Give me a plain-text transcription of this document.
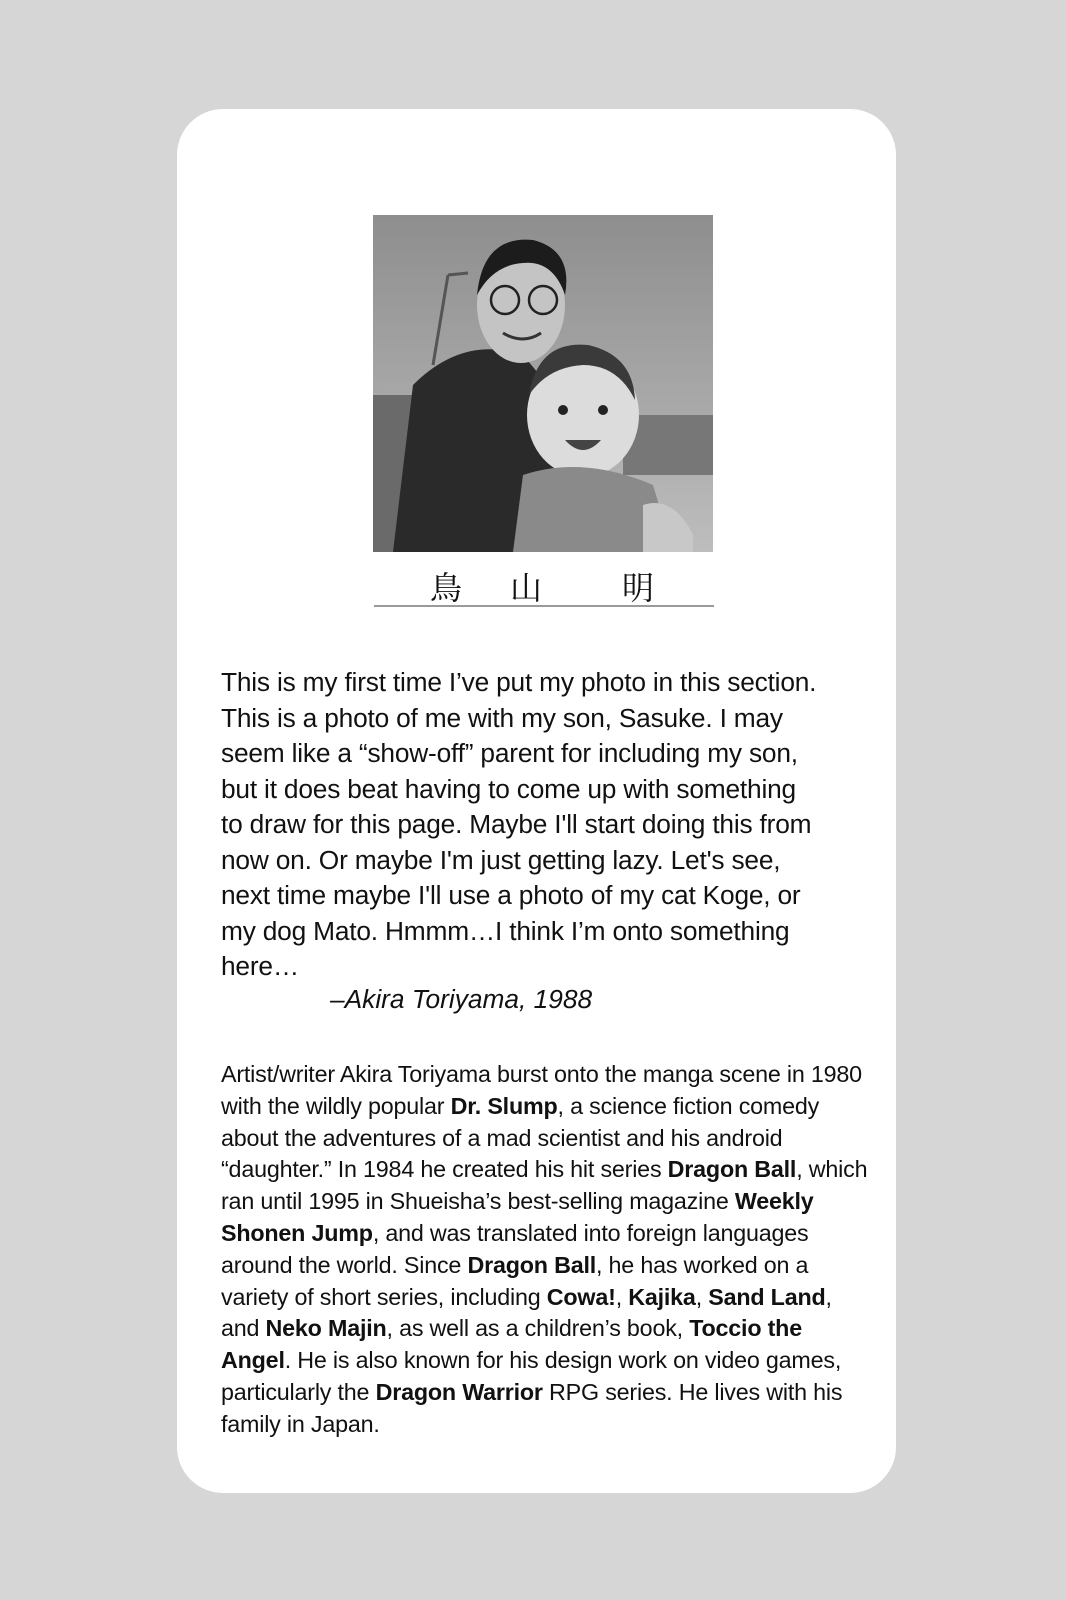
鳥 山 明

This is my first time I’ve put my photo in this section.
This is a photo of me with my son, Sasuke. I may
seem like a “show-off” parent for including my son,
but it does beat having to come up with something
to draw for this page. Maybe I'll start doing this from
now on. Or maybe I'm just getting lazy. Let's see,
next time maybe I'll use a photo of my cat Koge, or
my dog Mato. Hmmm…I think I’m onto something
here…

–Akira Toriyama, 1988

Artist/writer Akira Toriyama burst onto the manga scene in 1980 with the wildly popular Dr. Slump, a science fiction comedy about the adventures of a mad scientist and his android “daughter.” In 1984 he created his hit series Dragon Ball, which ran until 1995 in Shueisha’s best-selling magazine Weekly Shonen Jump, and was translated into foreign languages around the world. Since Dragon Ball, he has worked on a variety of short series, including Cowa!, Kajika, Sand Land, and Neko Majin, as well as a children’s book, Toccio the Angel. He is also known for his design work on video games, particularly the Dragon Warrior RPG series. He lives with his family in Japan.
